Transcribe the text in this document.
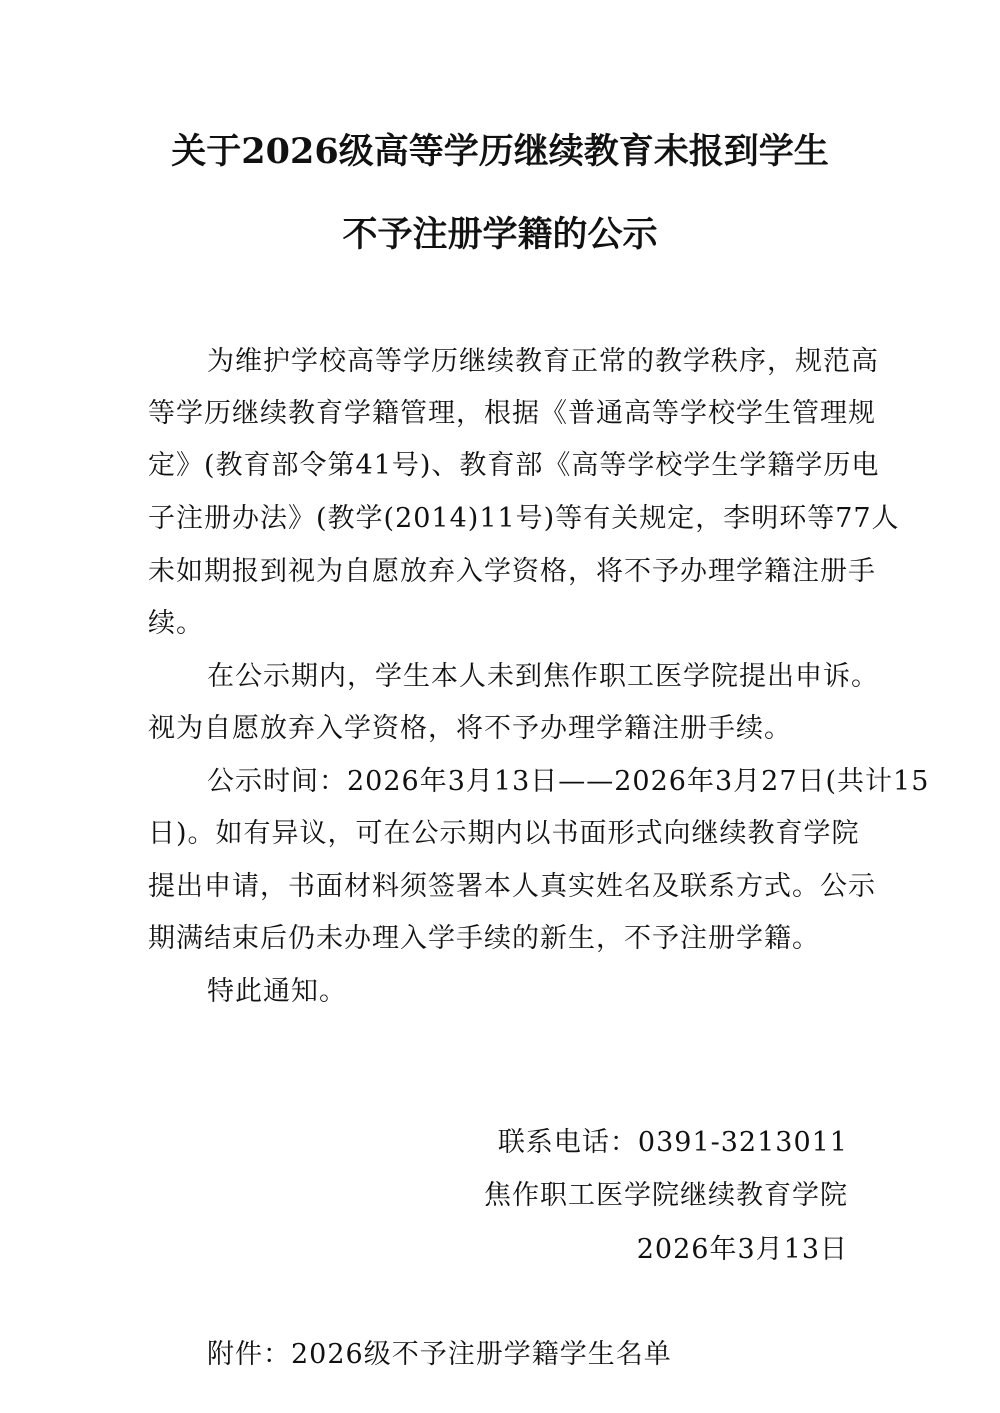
关于2026级高等学历继续教育未报到学生
不予注册学籍的公示
为维护学校高等学历继续教育正常的教学秩序，规范高
等学历继续教育学籍管理，根据《普通高等学校学生管理规
定》(教育部令第41号)、教育部《高等学校学生学籍学历电
子注册办法》(教学(2014)11号)等有关规定，李明环等77人
未如期报到视为自愿放弃入学资格，将不予办理学籍注册手
续。
在公示期内，学生本人未到焦作职工医学院提出申诉。
视为自愿放弃入学资格，将不予办理学籍注册手续。
公示时间：2026年3月13日——2026年3月27日(共计15
日)。如有异议，可在公示期内以书面形式向继续教育学院
提出申请，书面材料须签署本人真实姓名及联系方式。公示
期满结束后仍未办理入学手续的新生，不予注册学籍。
特此通知。
联系电话：0391-3213011
焦作职工医学院继续教育学院
2026年3月13日
附件：2026级不予注册学籍学生名单
